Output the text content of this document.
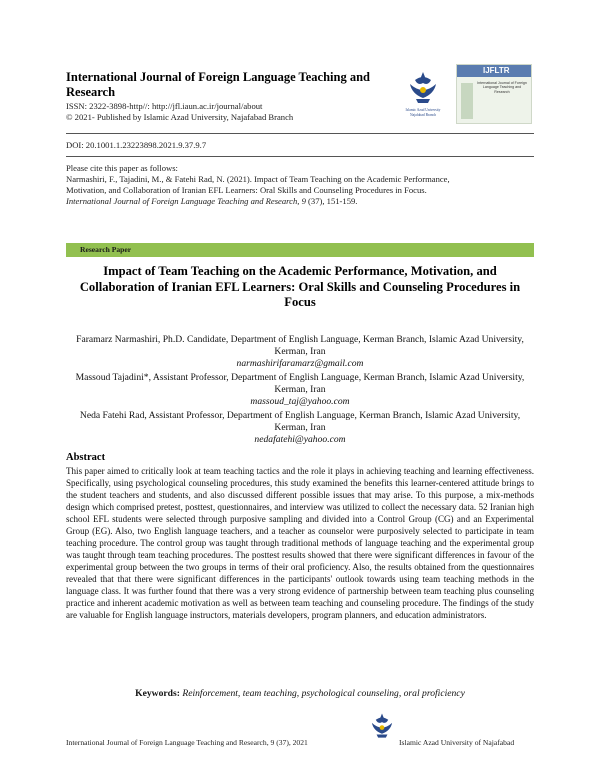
International Journal of Foreign Language Teaching and Research
ISSN: 2322-3898-http//: http://jfl.iaun.ac.ir/journal/about
© 2021- Published by Islamic Azad University, Najafabad Branch
Islamic Azad University Najafabad Branch
IJFLTR
International Journal of Foreign Language Teaching and Research
DOI: 20.1001.1.23223898.2021.9.37.9.7
Please cite this paper as follows:
Narmashiri, F., Tajadini, M., & Fatehi Rad, N. (2021). Impact of Team Teaching on the Academic Performance, Motivation, and Collaboration of Iranian EFL Learners: Oral Skills and Counseling Procedures in Focus. International Journal of Foreign Language Teaching and Research, 9 (37), 151-159.
Research Paper
Impact of Team Teaching on the Academic Performance, Motivation, and Collaboration of Iranian EFL Learners: Oral Skills and Counseling Procedures in Focus
Faramarz Narmashiri, Ph.D. Candidate, Department of English Language, Kerman Branch, Islamic Azad University, Kerman, Iran
narmashirifaramarz@gmail.com
Massoud Tajadini*, Assistant Professor, Department of English Language, Kerman Branch, Islamic Azad University, Kerman, Iran
massoud_taj@yahoo.com
Neda Fatehi Rad, Assistant Professor, Department of English Language, Kerman Branch, Islamic Azad University, Kerman, Iran
nedafatehi@yahoo.com
Abstract
This paper aimed to critically look at team teaching tactics and the role it plays in achieving teaching and learning effectiveness. Specifically, using psychological counseling procedures, this study examined the benefits this learner-centered attitude brings to the student teachers and students, and also discussed different possible issues that may arise. To this purpose, a mix-methods design which comprised pretest, posttest, questionnaires, and interview was utilized to collect the necessary data. 52 Iranian high school EFL students were selected through purposive sampling and divided into a Control Group (CG) and an Experimental Group (EG). Also, two English language teachers, and a teacher as counselor were purposively selected to participate in team teaching procedure. The control group was taught through traditional methods of language teaching and the experimental group was taught through team teaching procedures. The posttest results showed that there were significant differences in favour of the experimental group between the two groups in terms of their oral proficiency. Also, the results obtained from the questionnaires revealed that that there were significant differences in the participants' outlook towards using team teaching methods in the language class. It was further found that there was a very strong evidence of partnership between team teaching plus counseling practice and inherent academic motivation as well as between team teaching and counseling procedure. The findings of the study are valuable for English language instructors, materials developers, program planners, and education administrators.
Keywords: Reinforcement, team teaching, psychological counseling, oral proficiency
International Journal of Foreign Language Teaching and Research, 9 (37), 2021	Islamic Azad University of Najafabad
